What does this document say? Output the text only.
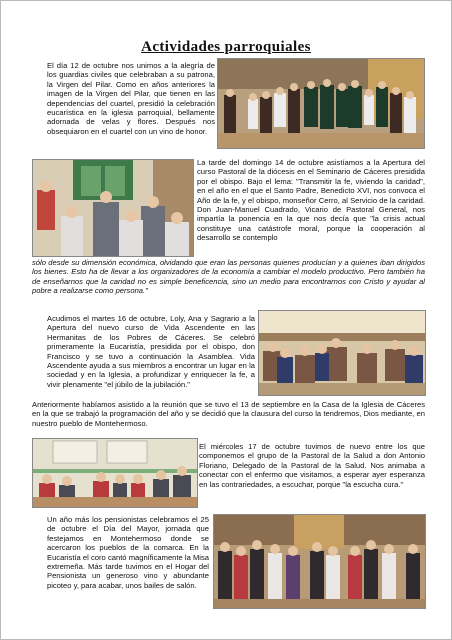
Actividades parroquiales

El día 12 de octubre nos unimos a la alegría de los guardias civiles que celebraban a su patrona, la Virgen del Pilar. Como en años anteriores la imagen de la Virgen del Pilar, que tienen en las dependencias del cuartel, presidió la celebración eucarística en la iglesia parroquial, bellamente adornada de velas y flores. Después nos obsequiaron en el cuartel con un vino de honor.

La tarde del domingo 14 de octubre asistíamos a la Apertura del curso Pastoral de la diócesis en el Seminario de Cáceres presidida por el obispo. Bajo el lema: "Transmitir la fe, viviendo la caridad", en el año en el que el Santo Padre, Benedicto XVI, nos convoca el Año de la fe, y el obispo, monseñor Cerro, al Servicio de la caridad. Don Juan-Manuel Cuadrado, Vicario de Pastoral General, nos impartía la ponencia en la que nos decía que "la crisis actual constituye una catástrofe moral, porque la cooperación al desarrollo se contemplo

sólo desde su dimensión económica, olvidando que eran las personas quienes producían y a quienes iban dirigidos los bienes. Esto ha de llevar a los organizadores de la economía a cambiar el modelo productivo. Pero también ha de enseñarnos que la caridad no es simple beneficencia, sino un medio para encontrarnos con Cristo y ayudar al pobre a realizarse como persona."

Acudimos el martes 16 de octubre, Loly, Ana y Sagrario a la Apertura del nuevo curso de Vida Ascendente en las Hermanitas de los Pobres de Cáceres. Se celebró primeramente la Eucaristía, presidida por el obispo, don Francisco y se tuvo a continuación la Asamblea. Vida Ascendente ayuda a sus miembros a encontrar un lugar en la sociedad y en la Iglesia, a profundizar y enriquecer la fe, a vivir plenamente "el júbilo de la jubilación."

Anteriormente habíamos asistido a la reunión que se tuvo el 13 de septiembre en la Casa de la Iglesia de Cáceres en la que se trabajó la programación del año y se decidió que la clausura del curso la tendremos, Dios mediante, en nuestro pueblo de Montehermoso.

El miércoles 17 de octubre tuvimos de nuevo entre los que componemos el grupo de la Pastoral de la Salud a don Antonio Floriano, Delegado de la Pastoral de la Salud. Nos animaba a conectar con el enfermo que visitamos, a esperar ayer esperanza en las contrariedades, a escuchar, porque "la escucha cura."

Un año más los pensionistas celebramos el 25 de octubre el Día del Mayor, jornada que festejamos en Montehermoso donde se acercaron los pueblos de la comarca. En la Eucaristía el coro cantó magníficamente la Misa extremeña. Más tarde tuvimos en el Hogar del Pensionista un generoso vino y abundante picoteo y, para acabar, unos bailes de salón.
